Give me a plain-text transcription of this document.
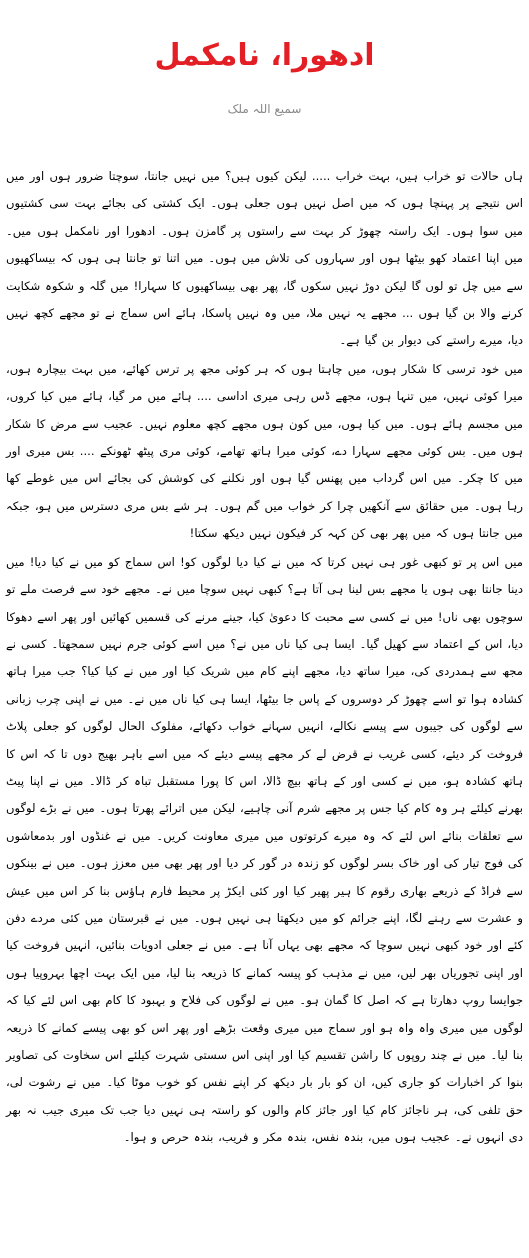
ادھورا، نامکمل
سمیع اللہ ملک

ہاں حالات تو خراب ہیں، بہت خراب ..... لیکن کیوں ہیں؟ میں نہیں جانتا، سوچتا ضرور ہوں اور میں اس نتیجے پر پہنچا ہوں کہ میں اصل نہیں ہوں جعلی ہوں۔ ایک کشتی کی بجائے بہت سی کشتیوں میں سوا ہوں۔ ایک راستہ چھوڑ کر بہت سے راستوں پر گامزن ہوں۔ ادھورا اور نامکمل ہوں میں۔ میں اپنا اعتماد کھو بیٹھا ہوں اور سہاروں کی تلاش میں ہوں۔ میں اتنا تو جانتا ہی ہوں کہ بیساکھیوں سے میں چل تو لوں گا لیکن دوڑ نہیں سکوں گا، پھر بھی بیساکھیوں کا سہارا! میں گلہ و شکوہ شکایت کرنے والا بن گیا ہوں ... مجھے یہ نہیں ملا، میں وہ نہیں پاسکا، ہائے اس سماج نے تو مجھے کچھ نہیں دیا، میرے راستے کی دیوار بن گیا ہے۔

میں خود ترسی کا شکار ہوں، میں چاہتا ہوں کہ ہر کوئی مجھ پر ترس کھائے، میں بہت بیچارہ ہوں، میرا کوئی نہیں، میں تنہا ہوں، مجھے ڈس رہی میری اداسی .... ہائے میں مر گیا، ہائے میں کیا کروں، میں مجسم ہائے ہوں۔ میں کیا ہوں، میں کون ہوں مجھے کچھ معلوم نہیں۔ عجیب سے مرض کا شکار ہوں میں۔ بس کوئی مجھے سہارا دے، کوئی میرا ہاتھ تھامے، کوئی مری پیٹھ ٹھونکے .... بس میری اور میں کا چکر۔ میں اس گرداب میں پھنس گیا ہوں اور نکلنے کی کوشش کی بجائے اس میں غوطے کھا رہا ہوں۔ میں حقائق سے آنکھیں چرا کر خواب میں گم ہوں۔ ہر شے بس مری دسترس میں ہو، جبکہ میں جانتا ہوں کہ میں پھر بھی کن کہہ کر فیکون نہیں دیکھ سکتا!

میں اس پر تو کبھی غور ہی نہیں کرتا کہ میں نے کیا دیا لوگوں کو! اس سماج کو میں نے کیا دیا! میں دینا جانتا بھی ہوں یا مجھے بس لینا ہی آتا ہے؟ کبھی نہیں سوچا میں نے۔ مجھے خود سے فرصت ملے تو سوچوں بھی ناں! میں نے کسی سے محبت کا دعویٰ کیا، جینے مرنے کی قسمیں کھائیں اور پھر اسے دھوکا دیا، اس کے اعتماد سے کھیل گیا۔ ایسا ہی کیا ناں میں نے؟ میں اسے کوئی جرم نہیں سمجھتا۔ کسی نے مجھ سے ہمدردی کی، میرا ساتھ دیا، مجھے اپنے کام میں شریک کیا اور میں نے کیا کیا؟ جب میرا ہاتھ کشادہ ہوا تو اسے چھوڑ کر دوسروں کے پاس جا بیٹھا، ایسا ہی کیا ناں میں نے۔ میں نے اپنی چرب زبانی سے لوگوں کی جیبوں سے پیسے نکالے، انہیں سہانے خواب دکھائے، مفلوک الحال لوگوں کو جعلی پلاٹ فروخت کر دیئے، کسی غریب نے قرض لے کر مجھے پیسے دیئے کہ میں اسے باہر بھیج دوں تا کہ اس کا ہاتھ کشادہ ہو، میں نے کسی اور کے ہاتھ بیچ ڈالا، اس کا پورا مستقبل تباہ کر ڈالا۔ میں نے اپنا پیٹ بھرنے کیلئے ہر وہ کام کیا جس پر مجھے شرم آنی چاہیے، لیکن میں اترائے پھرتا ہوں۔ میں نے بڑے لوگوں سے تعلقات بنائے اس لئے کہ وہ میرے کرتوتوں میں میری معاونت کریں۔ میں نے غنڈوں اور بدمعاشوں کی فوج تیار کی اور خاک بسر لوگوں کو زندہ در گور کر دیا اور پھر بھی میں معزز ہوں۔ میں نے بینکوں سے فراڈ کے ذریعے بھاری رقوم کا ہیر پھیر کیا اور کئی ایکڑ پر محیط فارم ہاؤس بنا کر اس میں عیش و عشرت سے رہنے لگا، اپنے جرائم کو میں دیکھتا ہی نہیں ہوں۔ میں نے قبرستان میں کئی مردے دفن کئے اور خود کبھی نہیں سوچا کہ مجھے بھی یہاں آنا ہے۔ میں نے جعلی ادویات بنائیں، انہیں فروخت کیا اور اپنی تجوریاں بھر لیں، میں نے مذہب کو پیسہ کمانے کا ذریعہ بنا لیا، میں ایک بہت اچھا بہروپیا ہوں جوایسا روپ دھارتا ہے کہ اصل کا گمان ہو۔ میں نے لوگوں کی فلاح و بہبود کا کام بھی اس لئے کیا کہ لوگوں میں میری واہ واہ ہو اور سماج میں میری وقعت بڑھے اور پھر اس کو بھی پیسے کمانے کا ذریعہ بنا لیا۔ میں نے چند روپوں کا راشن تقسیم کیا اور اپنی اس سستی شہرت کیلئے اس سخاوت کی تصاویر بنوا کر اخبارات کو جاری کیں، ان کو بار بار دیکھ کر اپنے نفس کو خوب موٹا کیا۔ میں نے رشوت لی، حق تلفی کی، ہر ناجائز کام کیا اور جائز کام والوں کو راستہ ہی نہیں دیا جب تک میری جیب نہ بھر دی انہوں نے۔ عجیب ہوں میں، بندہ نفس، بندہ مکر و فریب، بندہ حرص و ہوا۔
